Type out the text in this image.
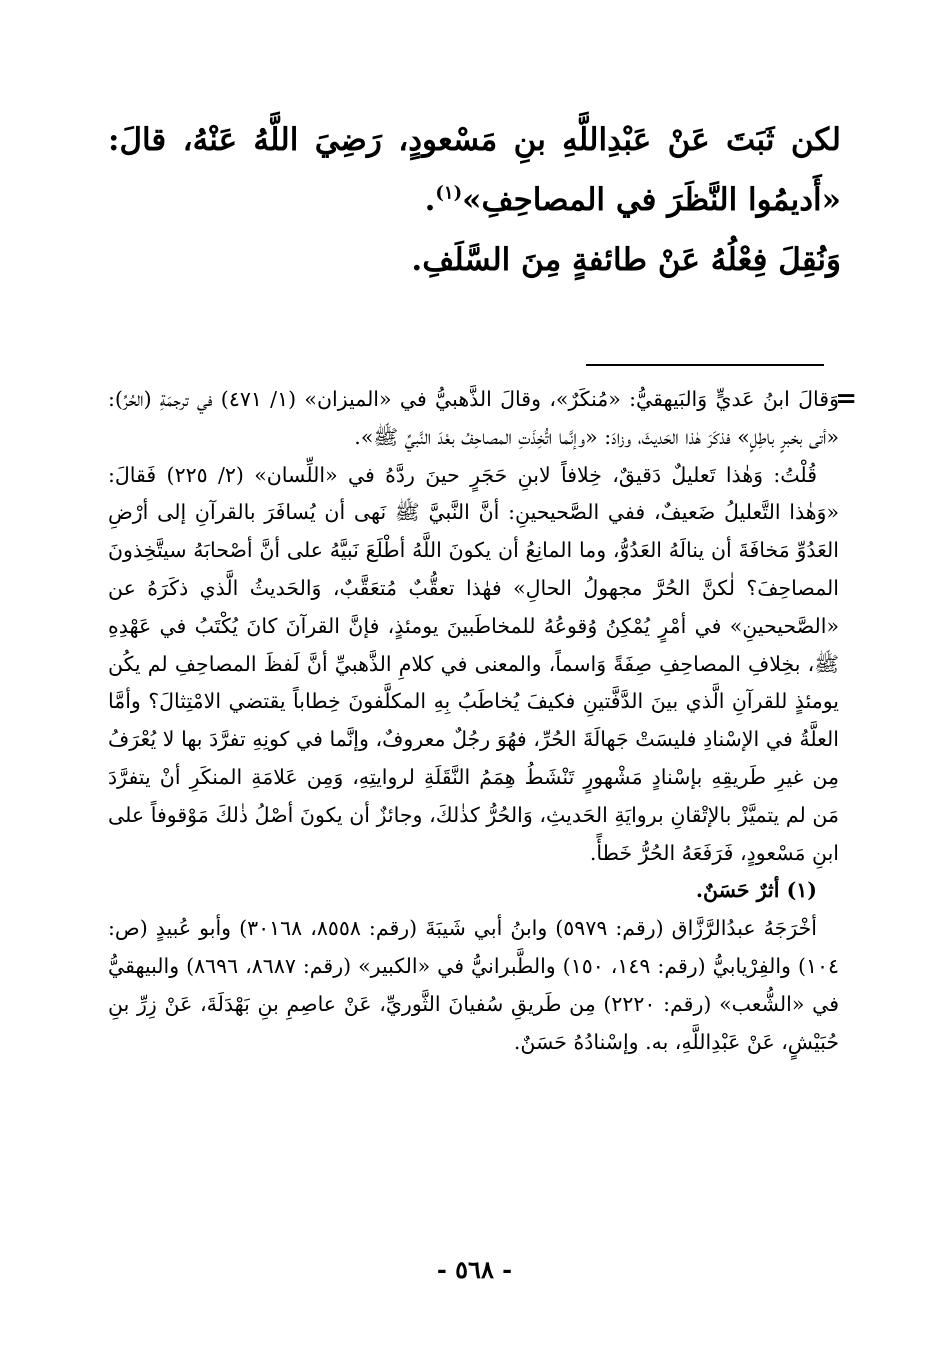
لكن ثَبَتَ عَنْ عَبْدِاللَّهِ بنِ مَسْعودٍ، رَضِيَ اللَّهُ عَنْهُ، قالَ: «أَديمُوا النَّظَرَ في المصاحِفِ»$^{(١)}$.

وَنُقِلَ فِعْلُهُ عَنْ طائفةٍ مِنَ السَّلَفِ.

=

وَقالَ ابنُ عَديٍّ وَالبَيهقيُّ: «مُنكَرٌ»، وقالَ الذَّهبيُّ في «الميزان» (١/ ٤٧١) في ترجمَةِ (الحُرِّ): «أتى بخبرٍ باطِلٍ» فذكَرَ هٰذا الحَديثَ، وزادَ: «وإنَّما اتُّخِذَتِ المصاحِفُ بعْدَ النَّبيِّ ﷺ».

قُلْتُ: وَهٰذا تَعليلٌ دَقيقٌ، خِلافاً لابنِ حَجَرٍ حينَ ردَّهُ في «اللِّسان» (٢/ ٢٢٥) فَقالَ: «وَهٰذا التَّعليلُ ضَعيفٌ، ففي الصَّحيحينِ: أنَّ النَّبيَّ ﷺ نَهى أن يُسافَرَ بالقرآنِ إلى أرْضِ العَدُوِّ مَخافَةَ أن ينالَهُ العَدُوُّ، وما المانِعُ أن يكونَ اللَّهُ أطْلَعَ نَبيَّهُ على أنَّ أصْحابَهُ سيتَّخِذونَ المصاحِفَ؟ لٰكنَّ الحُرَّ مجهولُ الحالِ» فهٰذا تعقُّبٌ مُتعَقَّبٌ، وَالحَديثُ الَّذي ذكَرَهُ عن «الصَّحيحينِ» في أمْرٍ يُمْكِنُ وُقوعُهُ للمخاطَبينَ يومئذٍ، فإنَّ القرآنَ كانَ يُكْتَبُ في عَهْدِهِ ﷺ، بخِلافِ المصاحِفِ صِفَةً وَاسماً، والمعنى في كلامِ الذَّهبيِّ أنَّ لَفظَ المصاحِفِ لم يكُن يومئذٍ للقرآنِ الَّذي بينَ الدَّفَّتينِ فكيفَ يُخاطَبُ بِهِ المكلَّفونَ خِطاباً يقتضي الامْتِثالَ؟ وأمَّا العلَّةُ في الإسْنادِ فليسَتْ جَهالَةَ الحُرِّ، فهُوَ رجُلٌ معروفٌ، وإنَّما في كونِهِ تفرَّدَ بها لا يُعْرَفُ مِن غيرِ طَريقِهِ بإسْنادٍ مَشْهورٍ تَنْشَطُ هِمَمُ النَّقَلَةِ لروايتِهِ، وَمِن عَلامَةِ المنكَرِ أنْ يتفرَّدَ مَن لم يتميَّزْ بالإتْقانِ بروايَةِ الحَديثِ، وَالحُرُّ كذٰلكَ، وجائزٌ أن يكونَ أصْلُ ذٰلكَ مَوْقوفاً على ابنِ مَسْعودٍ، فَرَفَعَهُ الحُرُّ خَطأً.

(١) أثرٌ حَسَنٌ.

أخْرَجَهُ عبدُالرَّزَّاق (رقم: ٥٩٧٩) وابنُ أبي شَيبَةَ (رقم: ٨٥٥٨، ٣٠١٦٨) وأبو عُبيدٍ (ص: ١٠٤) والفِرْيابيُّ (رقم: ١٤٩، ١٥٠) والطَّبرانيُّ في «الكبير» (رقم: ٨٦٨٧، ٨٦٩٦) والبيهقيُّ في «الشُّعب» (رقم: ٢٢٢٠) مِن طَريقِ سُفيانَ الثَّوريِّ، عَنْ عاصِمِ بنِ بَهْدَلَةَ، عَنْ زِرِّ بنِ حُبَيْشٍ، عَنْ عَبْدِاللَّهِ، به. وإسْنادُهُ حَسَنٌ.

- ٥٦٨ -
